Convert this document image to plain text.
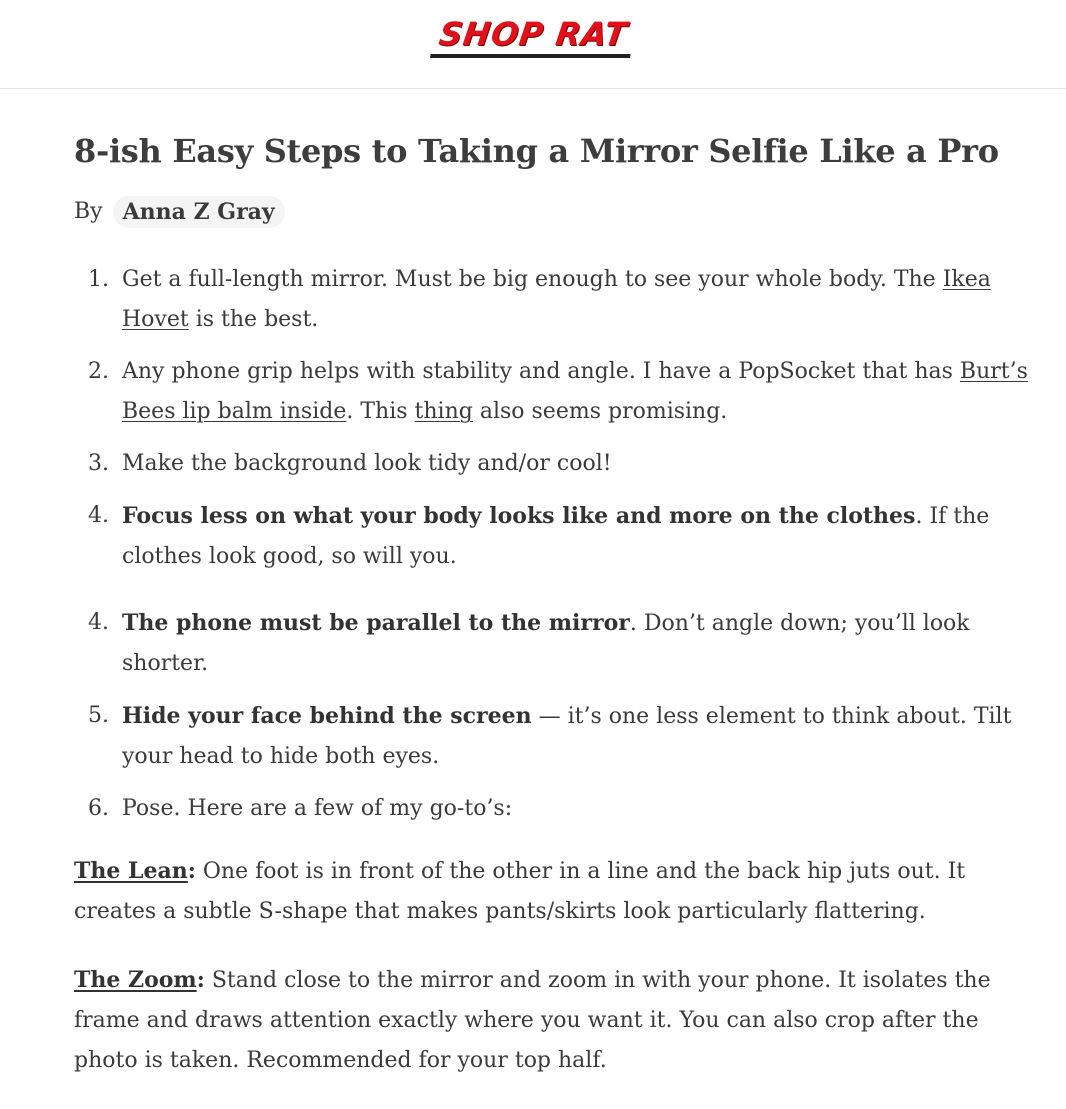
SHOP RAT
8-ish Easy Steps to Taking a Mirror Selfie Like a Pro
By Anna Z Gray
1. Get a full-length mirror. Must be big enough to see your whole body. The Ikea Hovet is the best.
2. Any phone grip helps with stability and angle. I have a PopSocket that has Burt’s Bees lip balm inside. This thing also seems promising.
3. Make the background look tidy and/or cool!
4. Focus less on what your body looks like and more on the clothes. If the clothes look good, so will you.
4. The phone must be parallel to the mirror. Don’t angle down; you’ll look shorter.
5. Hide your face behind the screen — it’s one less element to think about. Tilt your head to hide both eyes.
6. Pose. Here are a few of my go-to’s:

The Lean: One foot is in front of the other in a line and the back hip juts out. It creates a subtle S-shape that makes pants/skirts look particularly flattering.

The Zoom: Stand close to the mirror and zoom in with your phone. It isolates the frame and draws attention exactly where you want it. You can also crop after the photo is taken. Recommended for your top half.
